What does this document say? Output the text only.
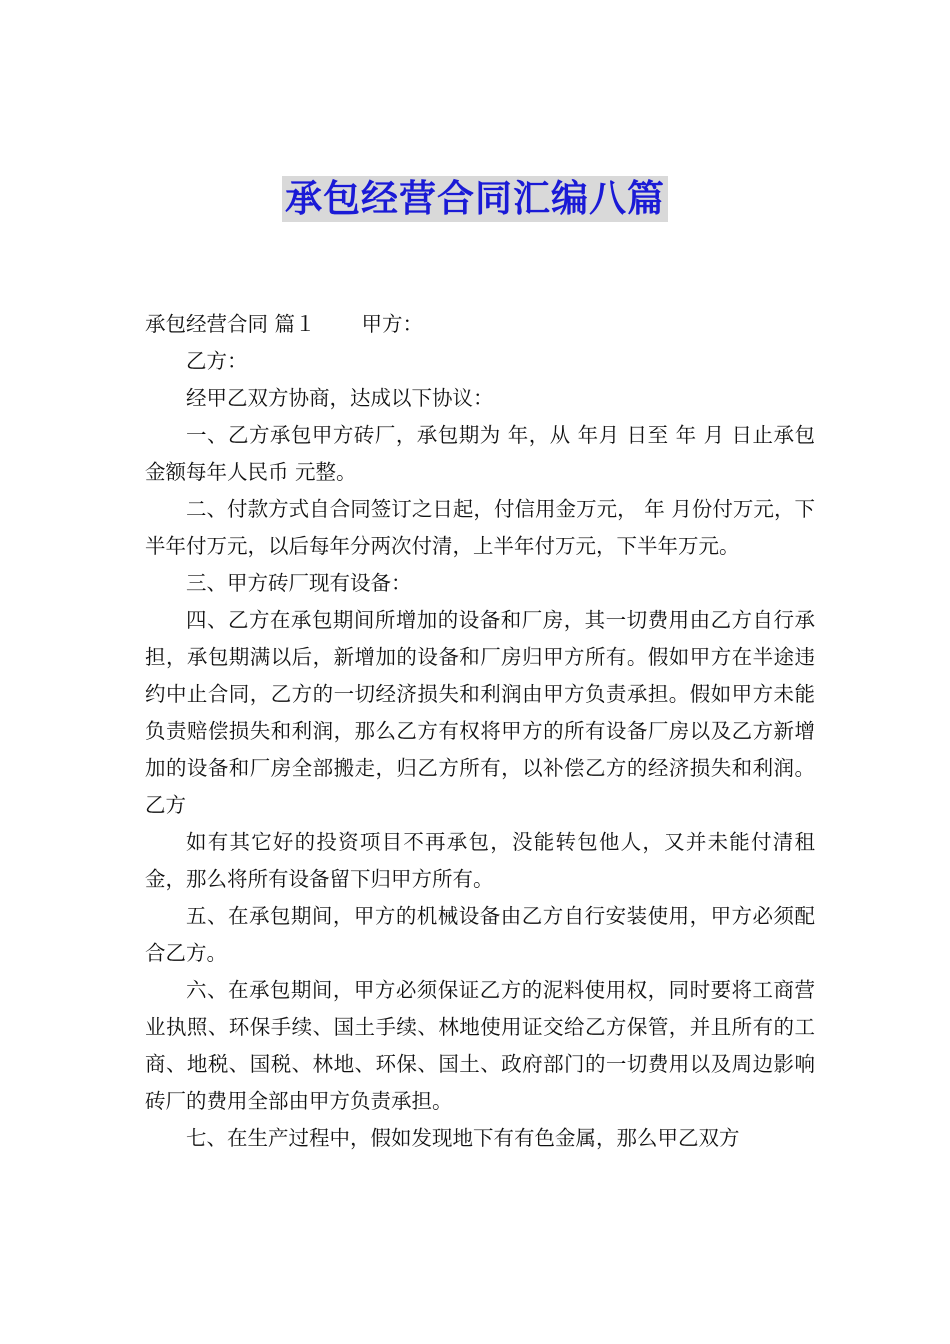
承包经营合同汇编八篇

承包经营合同 篇１ 甲方：

乙方：

经甲乙双方协商，达成以下协议：

一、乙方承包甲方砖厂，承包期为 年，从 年月 日至 年 月 日止承包金额每年人民币 元整。

二、付款方式自合同签订之日起，付信用金万元， 年 月份付万元，下半年付万元，以后每年分两次付清，上半年付万元，下半年万元。

三、甲方砖厂现有设备：

四、乙方在承包期间所增加的设备和厂房，其一切费用由乙方自行承担，承包期满以后，新增加的设备和厂房归甲方所有。假如甲方在半途违约中止合同，乙方的一切经济损失和利润由甲方负责承担。假如甲方未能负责赔偿损失和利润，那么乙方有权将甲方的所有设备厂房以及乙方新增加的设备和厂房全部搬走，归乙方所有，以补偿乙方的经济损失和利润。乙方

如有其它好的投资项目不再承包，没能转包他人，又并未能付清租金，那么将所有设备留下归甲方所有。

五、在承包期间，甲方的机械设备由乙方自行安装使用，甲方必须配合乙方。

六、在承包期间，甲方必须保证乙方的泥料使用权，同时要将工商营业执照、环保手续、国土手续、林地使用证交给乙方保管，并且所有的工商、地税、国税、林地、环保、国土、政府部门的一切费用以及周边影响砖厂的费用全部由甲方负责承担。

七、在生产过程中，假如发现地下有有色金属，那么甲乙双方
